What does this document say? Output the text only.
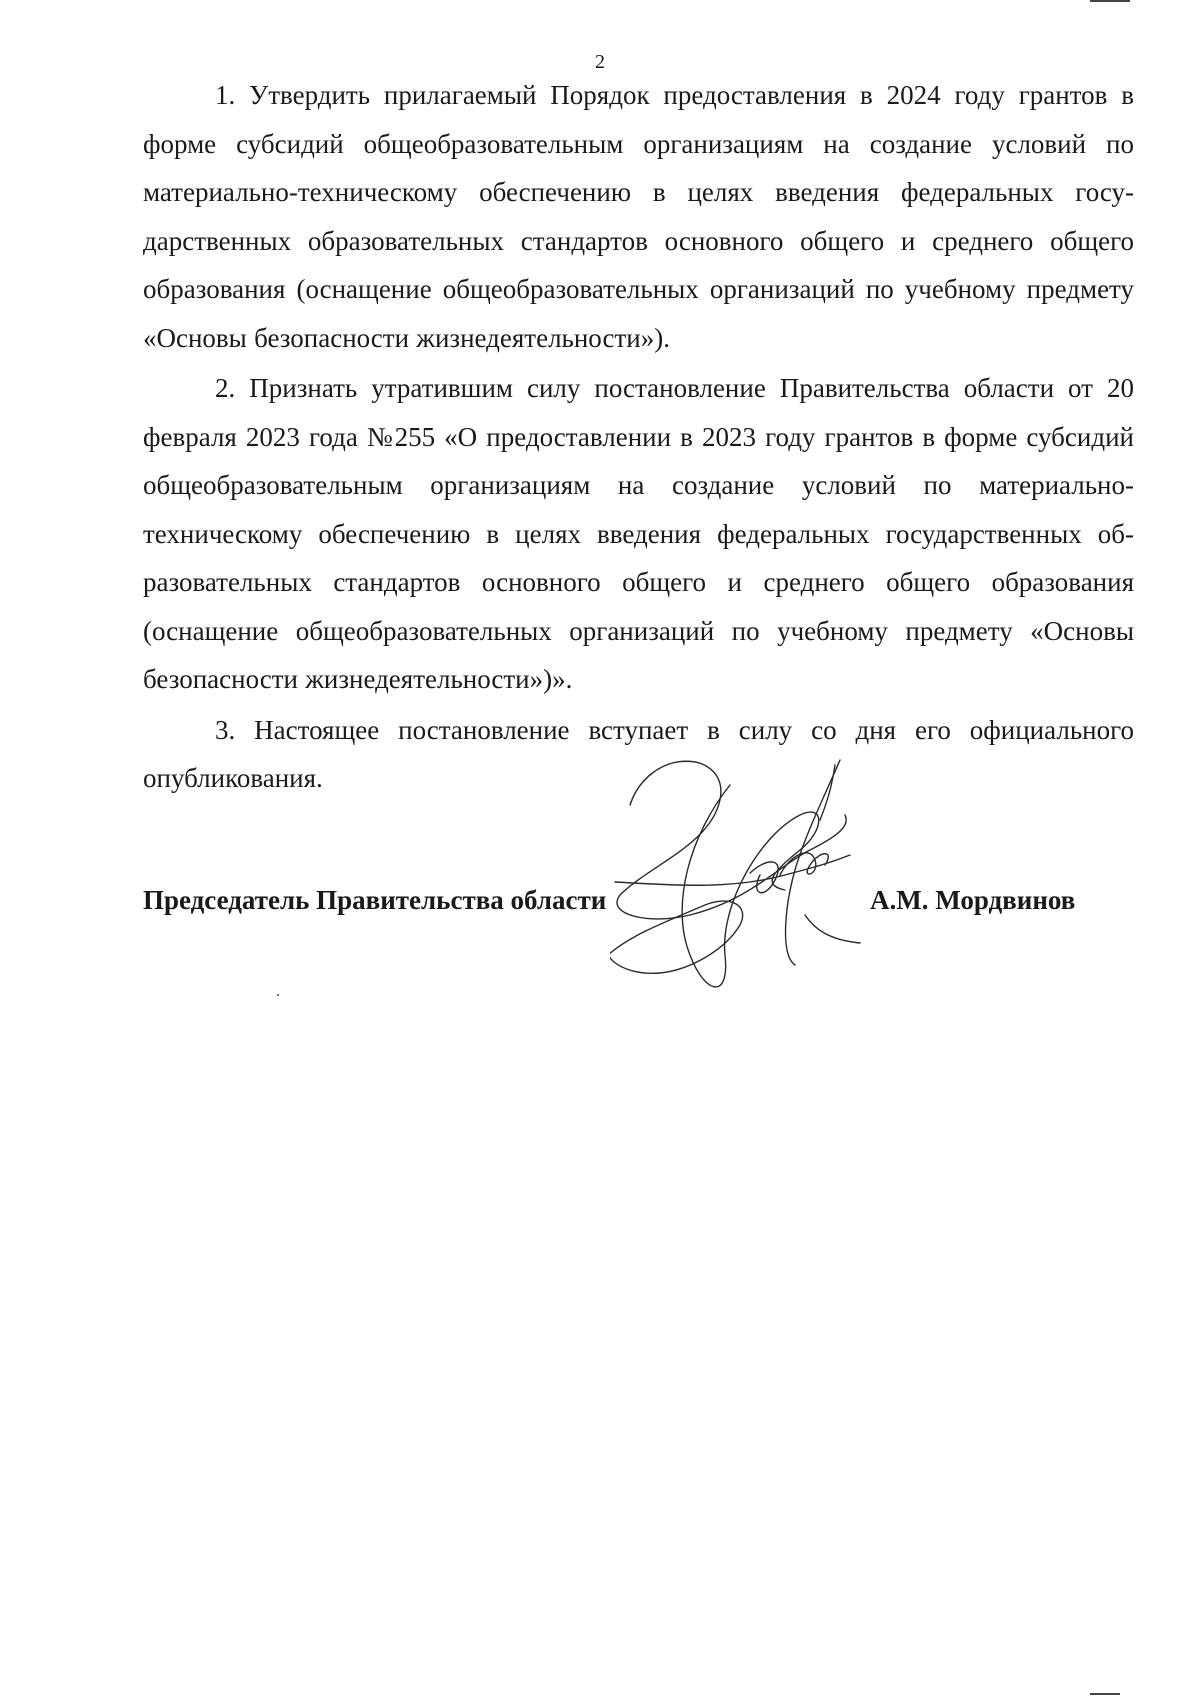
2

1. Утвердить прилагаемый Порядок предоставления в 2024 году грантов в форме субсидий общеобразовательным организациям на создание условий по материально-техническому обеспечению в целях введения федеральных государственных образовательных стандартов основного общего и среднего общего образования (оснащение общеобразовательных организаций по учебному предмету «Основы безопасности жизнедеятельности»).

2. Признать утратившим силу постановление Правительства области от 20 февраля 2023 года №255 «О предоставлении в 2023 году грантов в форме субсидий общеобразовательным организациям на создание условий по материально-техническому обеспечению в целях введения федеральных государственных образовательных стандартов основного общего и среднего общего образования (оснащение общеобразовательных организаций по учебному предмету «Основы безопасности жизнедеятельности»)».

3. Настоящее постановление вступает в силу со дня его официального опубликования.

Председатель Правительства области	А.М. Мордвинов
